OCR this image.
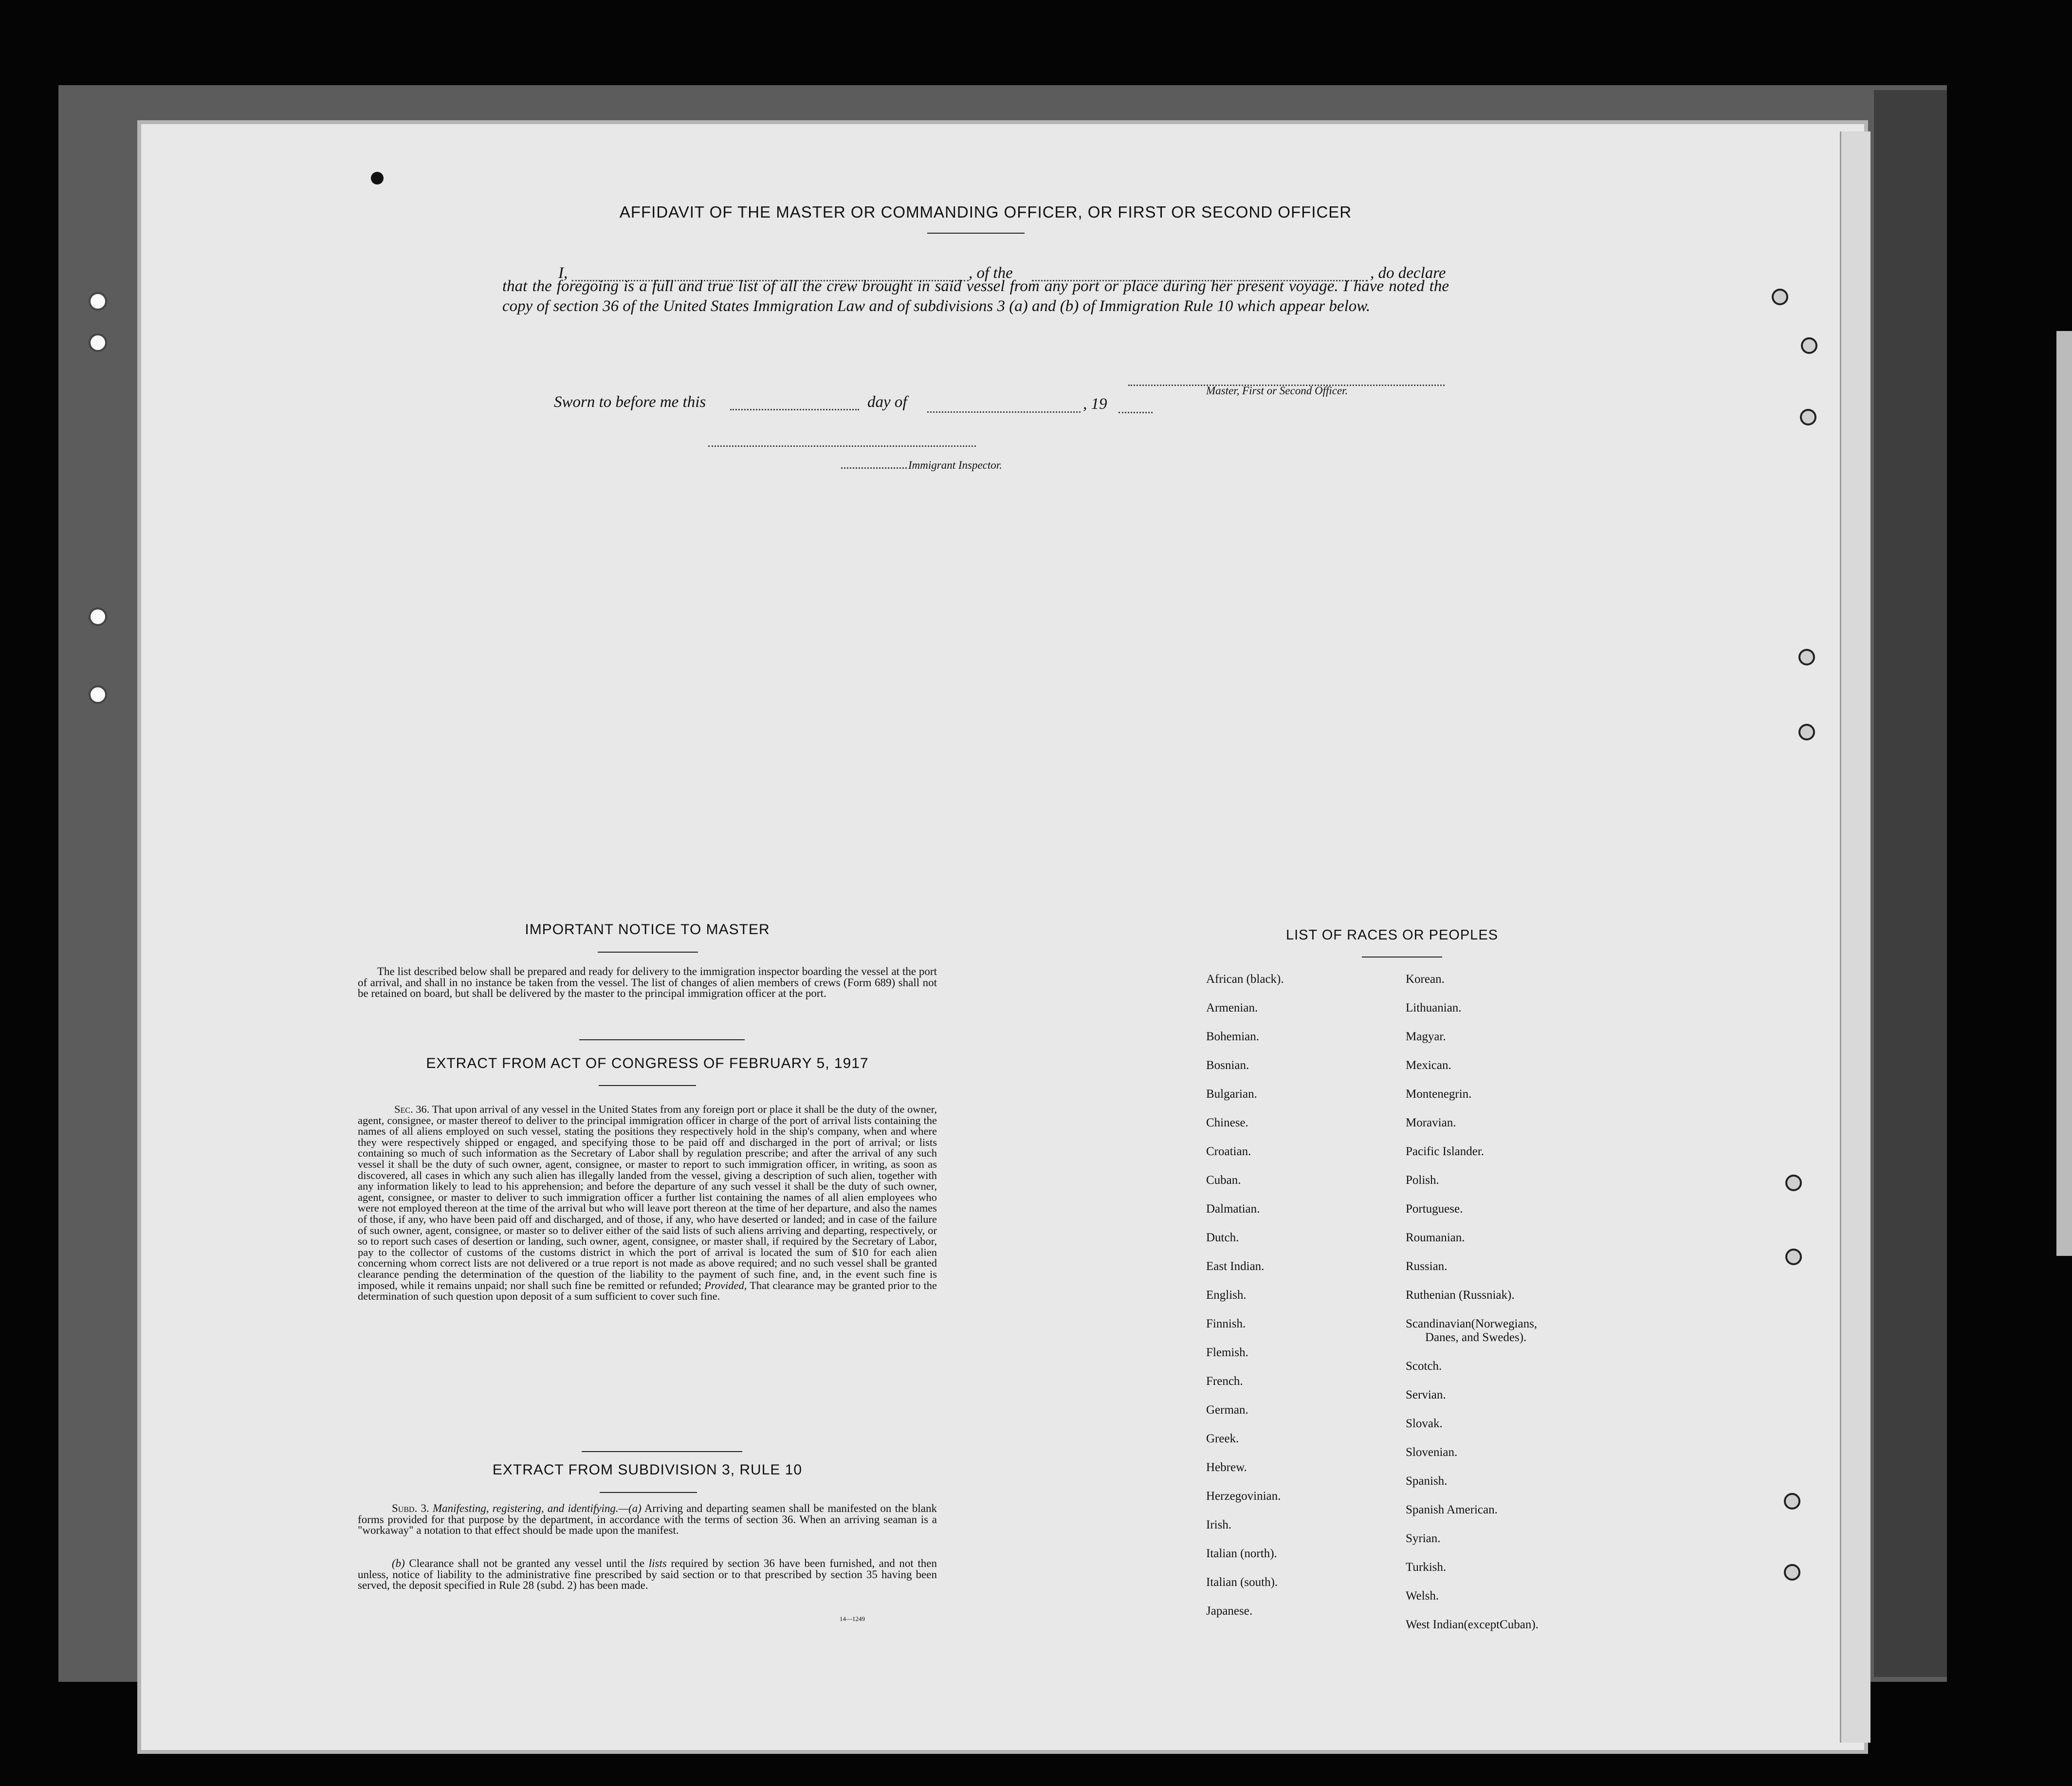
AFFIDAVIT OF THE MASTER OR COMMANDING OFFICER, OR FIRST OR SECOND OFFICER
I,	, of the	, do declare
that the foregoing is a full and true list of all the crew brought in said vessel from any port or place during her present voyage. I have noted the copy of section 36 of the United States Immigration Law and of subdivisions 3 (a) and (b) of Immigration Rule 10 which appear below.
Master, First or Second Officer.
Sworn to before me this	day of	, 19
Immigrant Inspector.
IMPORTANT NOTICE TO MASTER
The list described below shall be prepared and ready for delivery to the immigration inspector boarding the vessel at the port of arrival, and shall in no instance be taken from the vessel. The list of changes of alien members of crews (Form 689) shall not be retained on board, but shall be delivered by the master to the principal immigration officer at the port.
EXTRACT FROM ACT OF CONGRESS OF FEBRUARY 5, 1917
Sec. 36. That upon arrival of any vessel in the United States from any foreign port or place it shall be the duty of the owner, agent, consignee, or master thereof to deliver to the principal immigration officer in charge of the port of arrival lists containing the names of all aliens employed on such vessel, stating the positions they respectively hold in the ship's company, when and where they were respectively shipped or engaged, and specifying those to be paid off and discharged in the port of arrival; or lists containing so much of such information as the Secretary of Labor shall by regulation prescribe; and after the arrival of any such vessel it shall be the duty of such owner, agent, consignee, or master to report to such immigration officer, in writing, as soon as discovered, all cases in which any such alien has illegally landed from the vessel, giving a description of such alien, together with any information likely to lead to his apprehension; and before the departure of any such vessel it shall be the duty of such owner, agent, consignee, or master to deliver to such immigration officer a further list containing the names of all alien employees who were not employed thereon at the time of the arrival but who will leave port thereon at the time of her departure, and also the names of those, if any, who have been paid off and discharged, and of those, if any, who have deserted or landed; and in case of the failure of such owner, agent, consignee, or master so to deliver either of the said lists of such aliens arriving and departing, respectively, or so to report such cases of desertion or landing, such owner, agent, consignee, or master shall, if required by the Secretary of Labor, pay to the collector of customs of the customs district in which the port of arrival is located the sum of $10 for each alien concerning whom correct lists are not delivered or a true report is not made as above required; and no such vessel shall be granted clearance pending the determination of the question of the liability to the payment of such fine, and, in the event such fine is imposed, while it remains unpaid; nor shall such fine be remitted or refunded; Provided, That clearance may be granted prior to the determination of such question upon deposit of a sum sufficient to cover such fine.
EXTRACT FROM SUBDIVISION 3, RULE 10
Subd. 3. Manifesting, registering, and identifying.—(a) Arriving and departing seamen shall be manifested on the blank forms provided for that purpose by the department, in accordance with the terms of section 36. When an arriving seaman is a "workaway" a notation to that effect should be made upon the manifest.
(b) Clearance shall not be granted any vessel until the lists required by section 36 have been furnished, and not then unless, notice of liability to the administrative fine prescribed by said section or to that prescribed by section 35 having been served, the deposit specified in Rule 28 (subd. 2) has been made.
14—1249
LIST OF RACES OR PEOPLES
African (black).
Armenian.
Bohemian.
Bosnian.
Bulgarian.
Chinese.
Croatian.
Cuban.
Dalmatian.
Dutch.
East Indian.
English.
Finnish.
Flemish.
French.
German.
Greek.
Hebrew.
Herzegovinian.
Irish.
Italian (north).
Italian (south).
Japanese.
Korean.
Lithuanian.
Magyar.
Mexican.
Montenegrin.
Moravian.
Pacific Islander.
Polish.
Portuguese.
Roumanian.
Russian.
Ruthenian (Russniak).
Scandinavian(Norwegians,
Danes, and Swedes).
Scotch.
Servian.
Slovak.
Slovenian.
Spanish.
Spanish American.
Syrian.
Turkish.
Welsh.
West Indian(exceptCuban).
